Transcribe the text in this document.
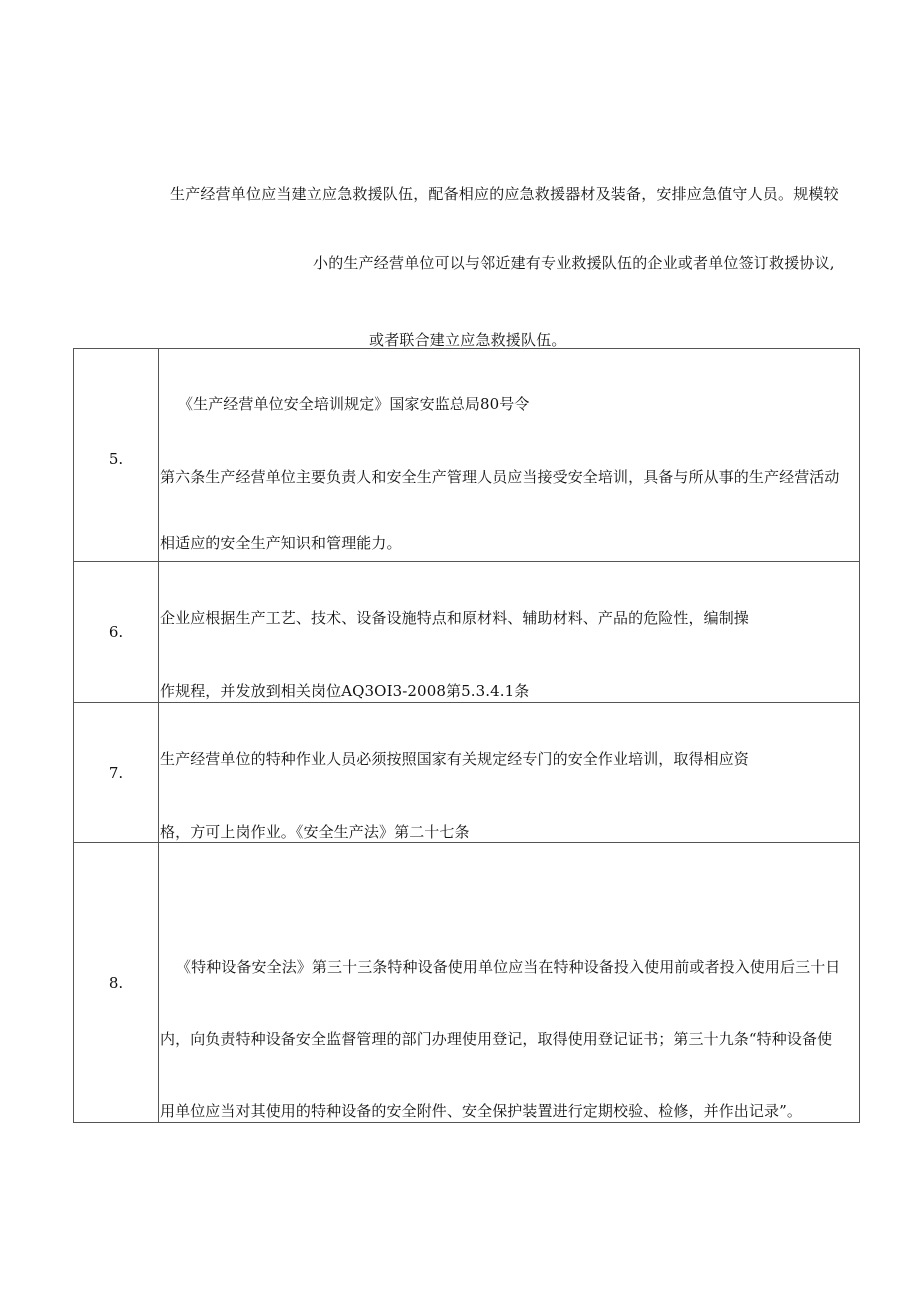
生产经营单位应当建立应急救援队伍，配备相应的应急救援器材及装备，安排应急值守人员。规模较
小的生产经营单位可以与邻近建有专业救援队伍的企业或者单位签订救援协议,
或者联合建立应急救援队伍。
5.
《生产经营单位安全培训规定》国家安监总局80号令
第六条生产经营单位主要负责人和安全生产管理人员应当接受安全培训，具备与所从事的生产经营活动
相适应的安全生产知识和管理能力。
6.
企业应根据生产工艺、技术、设备设施特点和原材料、辅助材料、产品的危险性，编制操
作规程，并发放到相关岗位AQ3OI3-2008第5.3.4.1条
7.
生产经营单位的特种作业人员必须按照国家有关规定经专门的安全作业培训，取得相应资
格，方可上岗作业。《安全生产法》第二十七条
8.
《特种设备安全法》第三十三条特种设备使用单位应当在特种设备投入使用前或者投入使用后三十日
内，向负责特种设备安全监督管理的部门办理使用登记，取得使用登记证书；第三十九条“特种设备使
用单位应当对其使用的特种设备的安全附件、安全保护装置进行定期校验、检修，并作出记录”。
